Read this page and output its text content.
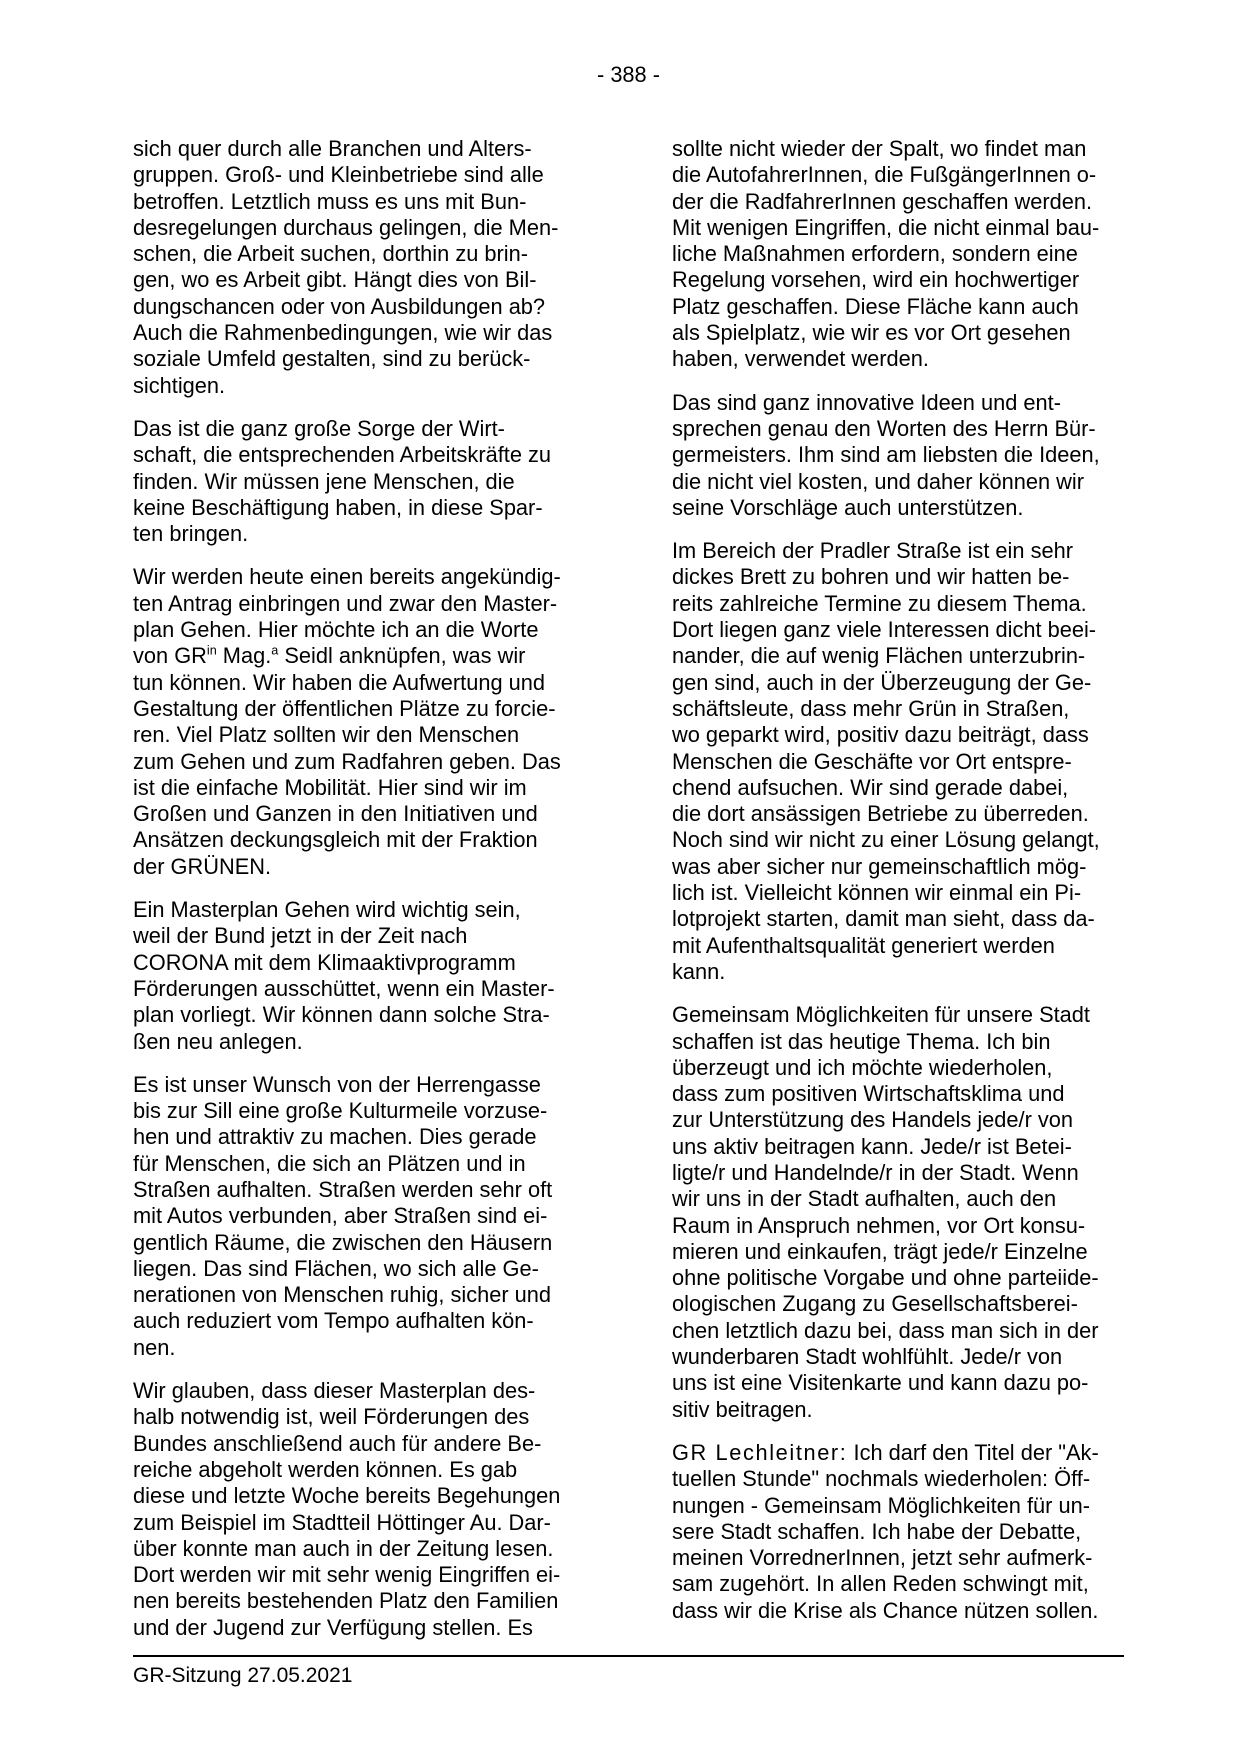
- 388 -

sich quer durch alle Branchen und Alters-
gruppen. Groß- und Kleinbetriebe sind alle
betroffen. Letztlich muss es uns mit Bun-
desregelungen durchaus gelingen, die Men-
schen, die Arbeit suchen, dorthin zu brin-
gen, wo es Arbeit gibt. Hängt dies von Bil-
dungschancen oder von Ausbildungen ab?
Auch die Rahmenbedingungen, wie wir das
soziale Umfeld gestalten, sind zu berück-
sichtigen.

Das ist die ganz große Sorge der Wirt-
schaft, die entsprechenden Arbeitskräfte zu
finden. Wir müssen jene Menschen, die
keine Beschäftigung haben, in diese Spar-
ten bringen.

Wir werden heute einen bereits angekündig-
ten Antrag einbringen und zwar den Master-
plan Gehen. Hier möchte ich an die Worte
von $GR^{in}$ Mag.$^a$ Seidl anknüpfen, was wir
tun können. Wir haben die Aufwertung und
Gestaltung der öffentlichen Plätze zu forcie-
ren. Viel Platz sollten wir den Menschen
zum Gehen und zum Radfahren geben. Das
ist die einfache Mobilität. Hier sind wir im
Großen und Ganzen in den Initiativen und
Ansätzen deckungsgleich mit der Fraktion
der GRÜNEN.

Ein Masterplan Gehen wird wichtig sein,
weil der Bund jetzt in der Zeit nach
CORONA mit dem Klimaaktivprogramm
Förderungen ausschüttet, wenn ein Master-
plan vorliegt. Wir können dann solche Stra-
ßen neu anlegen.

Es ist unser Wunsch von der Herrengasse
bis zur Sill eine große Kulturmeile vorzuse-
hen und attraktiv zu machen. Dies gerade
für Menschen, die sich an Plätzen und in
Straßen aufhalten. Straßen werden sehr oft
mit Autos verbunden, aber Straßen sind ei-
gentlich Räume, die zwischen den Häusern
liegen. Das sind Flächen, wo sich alle Ge-
nerationen von Menschen ruhig, sicher und
auch reduziert vom Tempo aufhalten kön-
nen.

Wir glauben, dass dieser Masterplan des-
halb notwendig ist, weil Förderungen des
Bundes anschließend auch für andere Be-
reiche abgeholt werden können. Es gab
diese und letzte Woche bereits Begehungen
zum Beispiel im Stadtteil Höttinger Au. Dar-
über konnte man auch in der Zeitung lesen.
Dort werden wir mit sehr wenig Eingriffen ei-
nen bereits bestehenden Platz den Familien
und der Jugend zur Verfügung stellen. Es

sollte nicht wieder der Spalt, wo findet man
die AutofahrerInnen, die FußgängerInnen o-
der die RadfahrerInnen geschaffen werden.
Mit wenigen Eingriffen, die nicht einmal bau-
liche Maßnahmen erfordern, sondern eine
Regelung vorsehen, wird ein hochwertiger
Platz geschaffen. Diese Fläche kann auch
als Spielplatz, wie wir es vor Ort gesehen
haben, verwendet werden.

Das sind ganz innovative Ideen und ent-
sprechen genau den Worten des Herrn Bür-
germeisters. Ihm sind am liebsten die Ideen,
die nicht viel kosten, und daher können wir
seine Vorschläge auch unterstützen.

Im Bereich der Pradler Straße ist ein sehr
dickes Brett zu bohren und wir hatten be-
reits zahlreiche Termine zu diesem Thema.
Dort liegen ganz viele Interessen dicht beei-
nander, die auf wenig Flächen unterzubrin-
gen sind, auch in der Überzeugung der Ge-
schäftsleute, dass mehr Grün in Straßen,
wo geparkt wird, positiv dazu beiträgt, dass
Menschen die Geschäfte vor Ort entspre-
chend aufsuchen. Wir sind gerade dabei,
die dort ansässigen Betriebe zu überreden.
Noch sind wir nicht zu einer Lösung gelangt,
was aber sicher nur gemeinschaftlich mög-
lich ist. Vielleicht können wir einmal ein Pi-
lotprojekt starten, damit man sieht, dass da-
mit Aufenthaltsqualität generiert werden
kann.

Gemeinsam Möglichkeiten für unsere Stadt
schaffen ist das heutige Thema. Ich bin
überzeugt und ich möchte wiederholen,
dass zum positiven Wirtschaftsklima und
zur Unterstützung des Handels jede/r von
uns aktiv beitragen kann. Jede/r ist Betei-
ligte/r und Handelnde/r in der Stadt. Wenn
wir uns in der Stadt aufhalten, auch den
Raum in Anspruch nehmen, vor Ort konsu-
mieren und einkaufen, trägt jede/r Einzelne
ohne politische Vorgabe und ohne parteiide-
ologischen Zugang zu Gesellschaftsberei-
chen letztlich dazu bei, dass man sich in der
wunderbaren Stadt wohlfühlt. Jede/r von
uns ist eine Visitenkarte und kann dazu po-
sitiv beitragen.

GR Lechleitner: Ich darf den Titel der "Ak-
tuellen Stunde" nochmals wiederholen: Öff-
nungen - Gemeinsam Möglichkeiten für un-
sere Stadt schaffen. Ich habe der Debatte,
meinen VorrednerInnen, jetzt sehr aufmerk-
sam zugehört. In allen Reden schwingt mit,
dass wir die Krise als Chance nützen sollen.

GR-Sitzung 27.05.2021
